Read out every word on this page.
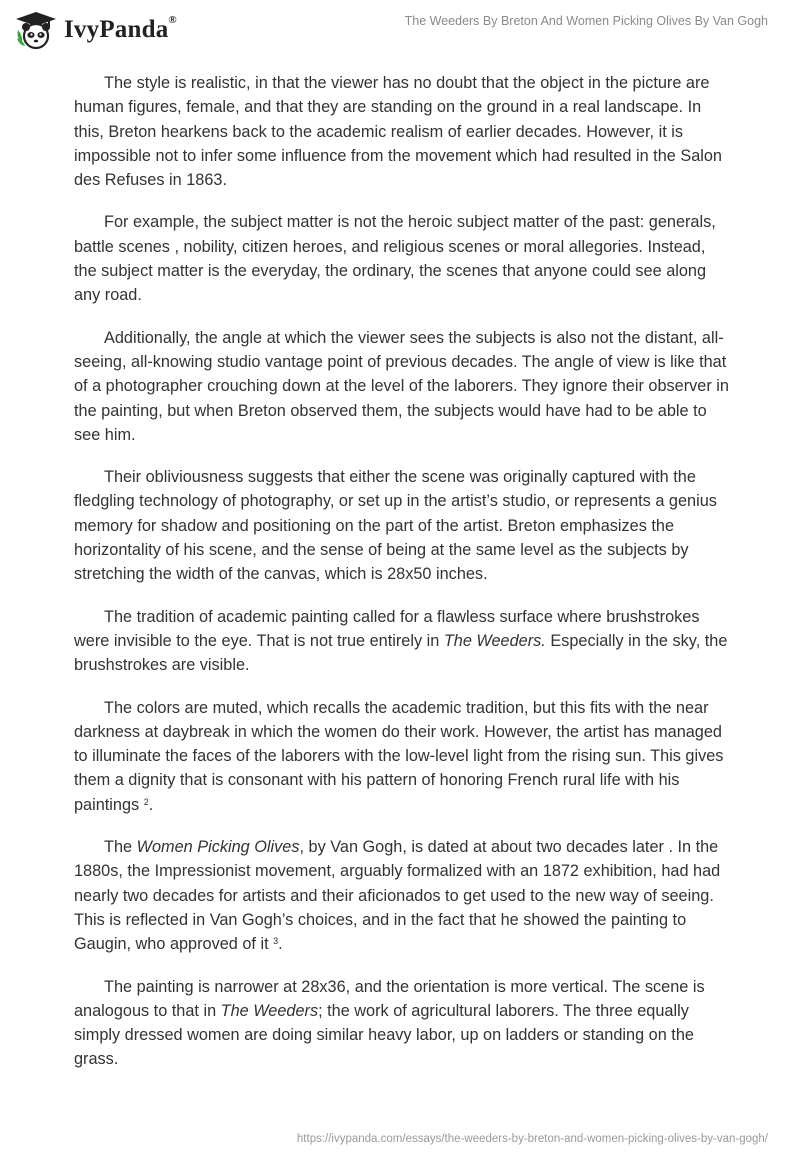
IvyPanda®	The Weeders By Breton And Women Picking Olives By Van Gogh

The style is realistic, in that the viewer has no doubt that the object in the picture are human figures, female, and that they are standing on the ground in a real landscape. In this, Breton hearkens back to the academic realism of earlier decades. However, it is impossible not to infer some influence from the movement which had resulted in the Salon des Refuses in 1863.

For example, the subject matter is not the heroic subject matter of the past: generals, battle scenes , nobility, citizen heroes, and religious scenes or moral allegories. Instead, the subject matter is the everyday, the ordinary, the scenes that anyone could see along any road.

Additionally, the angle at which the viewer sees the subjects is also not the distant, all-seeing, all-knowing studio vantage point of previous decades. The angle of view is like that of a photographer crouching down at the level of the laborers. They ignore their observer in the painting, but when Breton observed them, the subjects would have had to be able to see him.

Their obliviousness suggests that either the scene was originally captured with the fledgling technology of photography, or set up in the artist’s studio, or represents a genius memory for shadow and positioning on the part of the artist. Breton emphasizes the horizontality of his scene, and the sense of being at the same level as the subjects by stretching the width of the canvas, which is 28x50 inches.

The tradition of academic painting called for a flawless surface where brushstrokes were invisible to the eye. That is not true entirely in The Weeders. Especially in the sky, the brushstrokes are visible.

The colors are muted, which recalls the academic tradition, but this fits with the near darkness at daybreak in which the women do their work. However, the artist has managed to illuminate the faces of the laborers with the low-level light from the rising sun. This gives them a dignity that is consonant with his pattern of honoring French rural life with his paintings $^2$.

The Women Picking Olives, by Van Gogh, is dated at about two decades later . In the 1880s, the Impressionist movement, arguably formalized with an 1872 exhibition, had had nearly two decades for artists and their aficionados to get used to the new way of seeing. This is reflected in Van Gogh’s choices, and in the fact that he showed the painting to Gaugin, who approved of it $^3$.

The painting is narrower at 28x36, and the orientation is more vertical. The scene is analogous to that in The Weeders; the work of agricultural laborers. The three equally simply dressed women are doing similar heavy labor, up on ladders or standing on the grass.

https://ivypanda.com/essays/the-weeders-by-breton-and-women-picking-olives-by-van-gogh/
